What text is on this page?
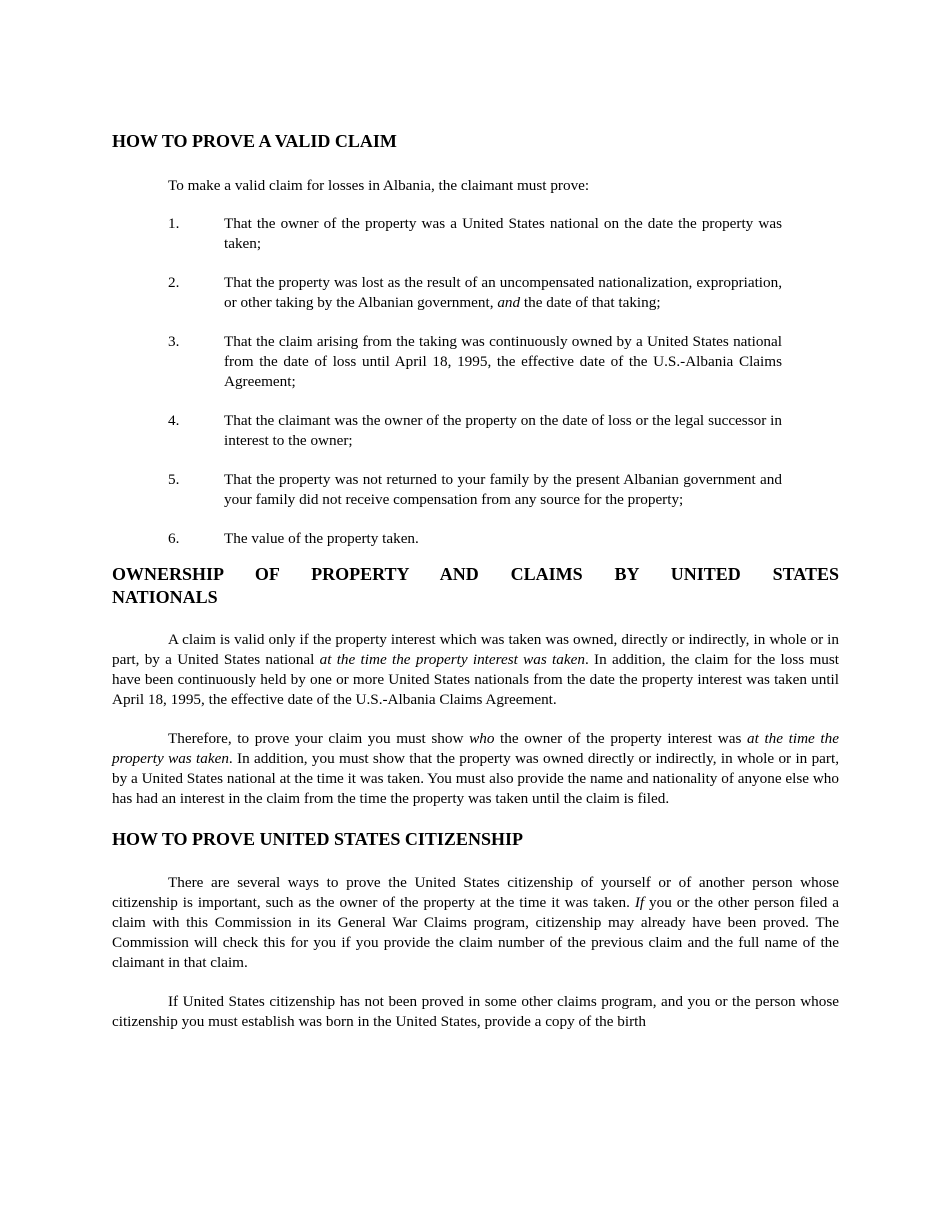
HOW TO PROVE A VALID CLAIM

To make a valid claim for losses in Albania, the claimant must prove:

1.	That the owner of the property was a United States national on the date the property was taken;
2.	That the property was lost as the result of an uncompensated nationalization, expropriation, or other taking by the Albanian government, and the date of that taking;
3.	That the claim arising from the taking was continuously owned by a United States national from the date of loss until April 18, 1995, the effective date of the U.S.-Albania Claims Agreement;
4.	That the claimant was the owner of the property on the date of loss or the legal successor in interest to the owner;
5.	That the property was not returned to your family by the present Albanian government and your family did not receive compensation from any source for the property;
6.	The value of the property taken.
OWNERSHIP OF PROPERTY AND CLAIMS BY UNITED STATES
NATIONALS

A claim is valid only if the property interest which was taken was owned, directly or indirectly, in whole or in part, by a United States national at the time the property interest was taken. In addition, the claim for the loss must have been continuously held by one or more United States nationals from the date the property interest was taken until April 18, 1995, the effective date of the U.S.-Albania Claims Agreement.

Therefore, to prove your claim you must show who the owner of the property interest was at the time the property was taken. In addition, you must show that the property was owned directly or indirectly, in whole or in part, by a United States national at the time it was taken. You must also provide the name and nationality of anyone else who has had an interest in the claim from the time the property was taken until the claim is filed.

HOW TO PROVE UNITED STATES CITIZENSHIP

There are several ways to prove the United States citizenship of yourself or of another person whose citizenship is important, such as the owner of the property at the time it was taken. If you or the other person filed a claim with this Commission in its General War Claims program, citizenship may already have been proved. The Commission will check this for you if you provide the claim number of the previous claim and the full name of the claimant in that claim.

If United States citizenship has not been proved in some other claims program, and you or the person whose citizenship you must establish was born in the United States, provide a copy of the birth
